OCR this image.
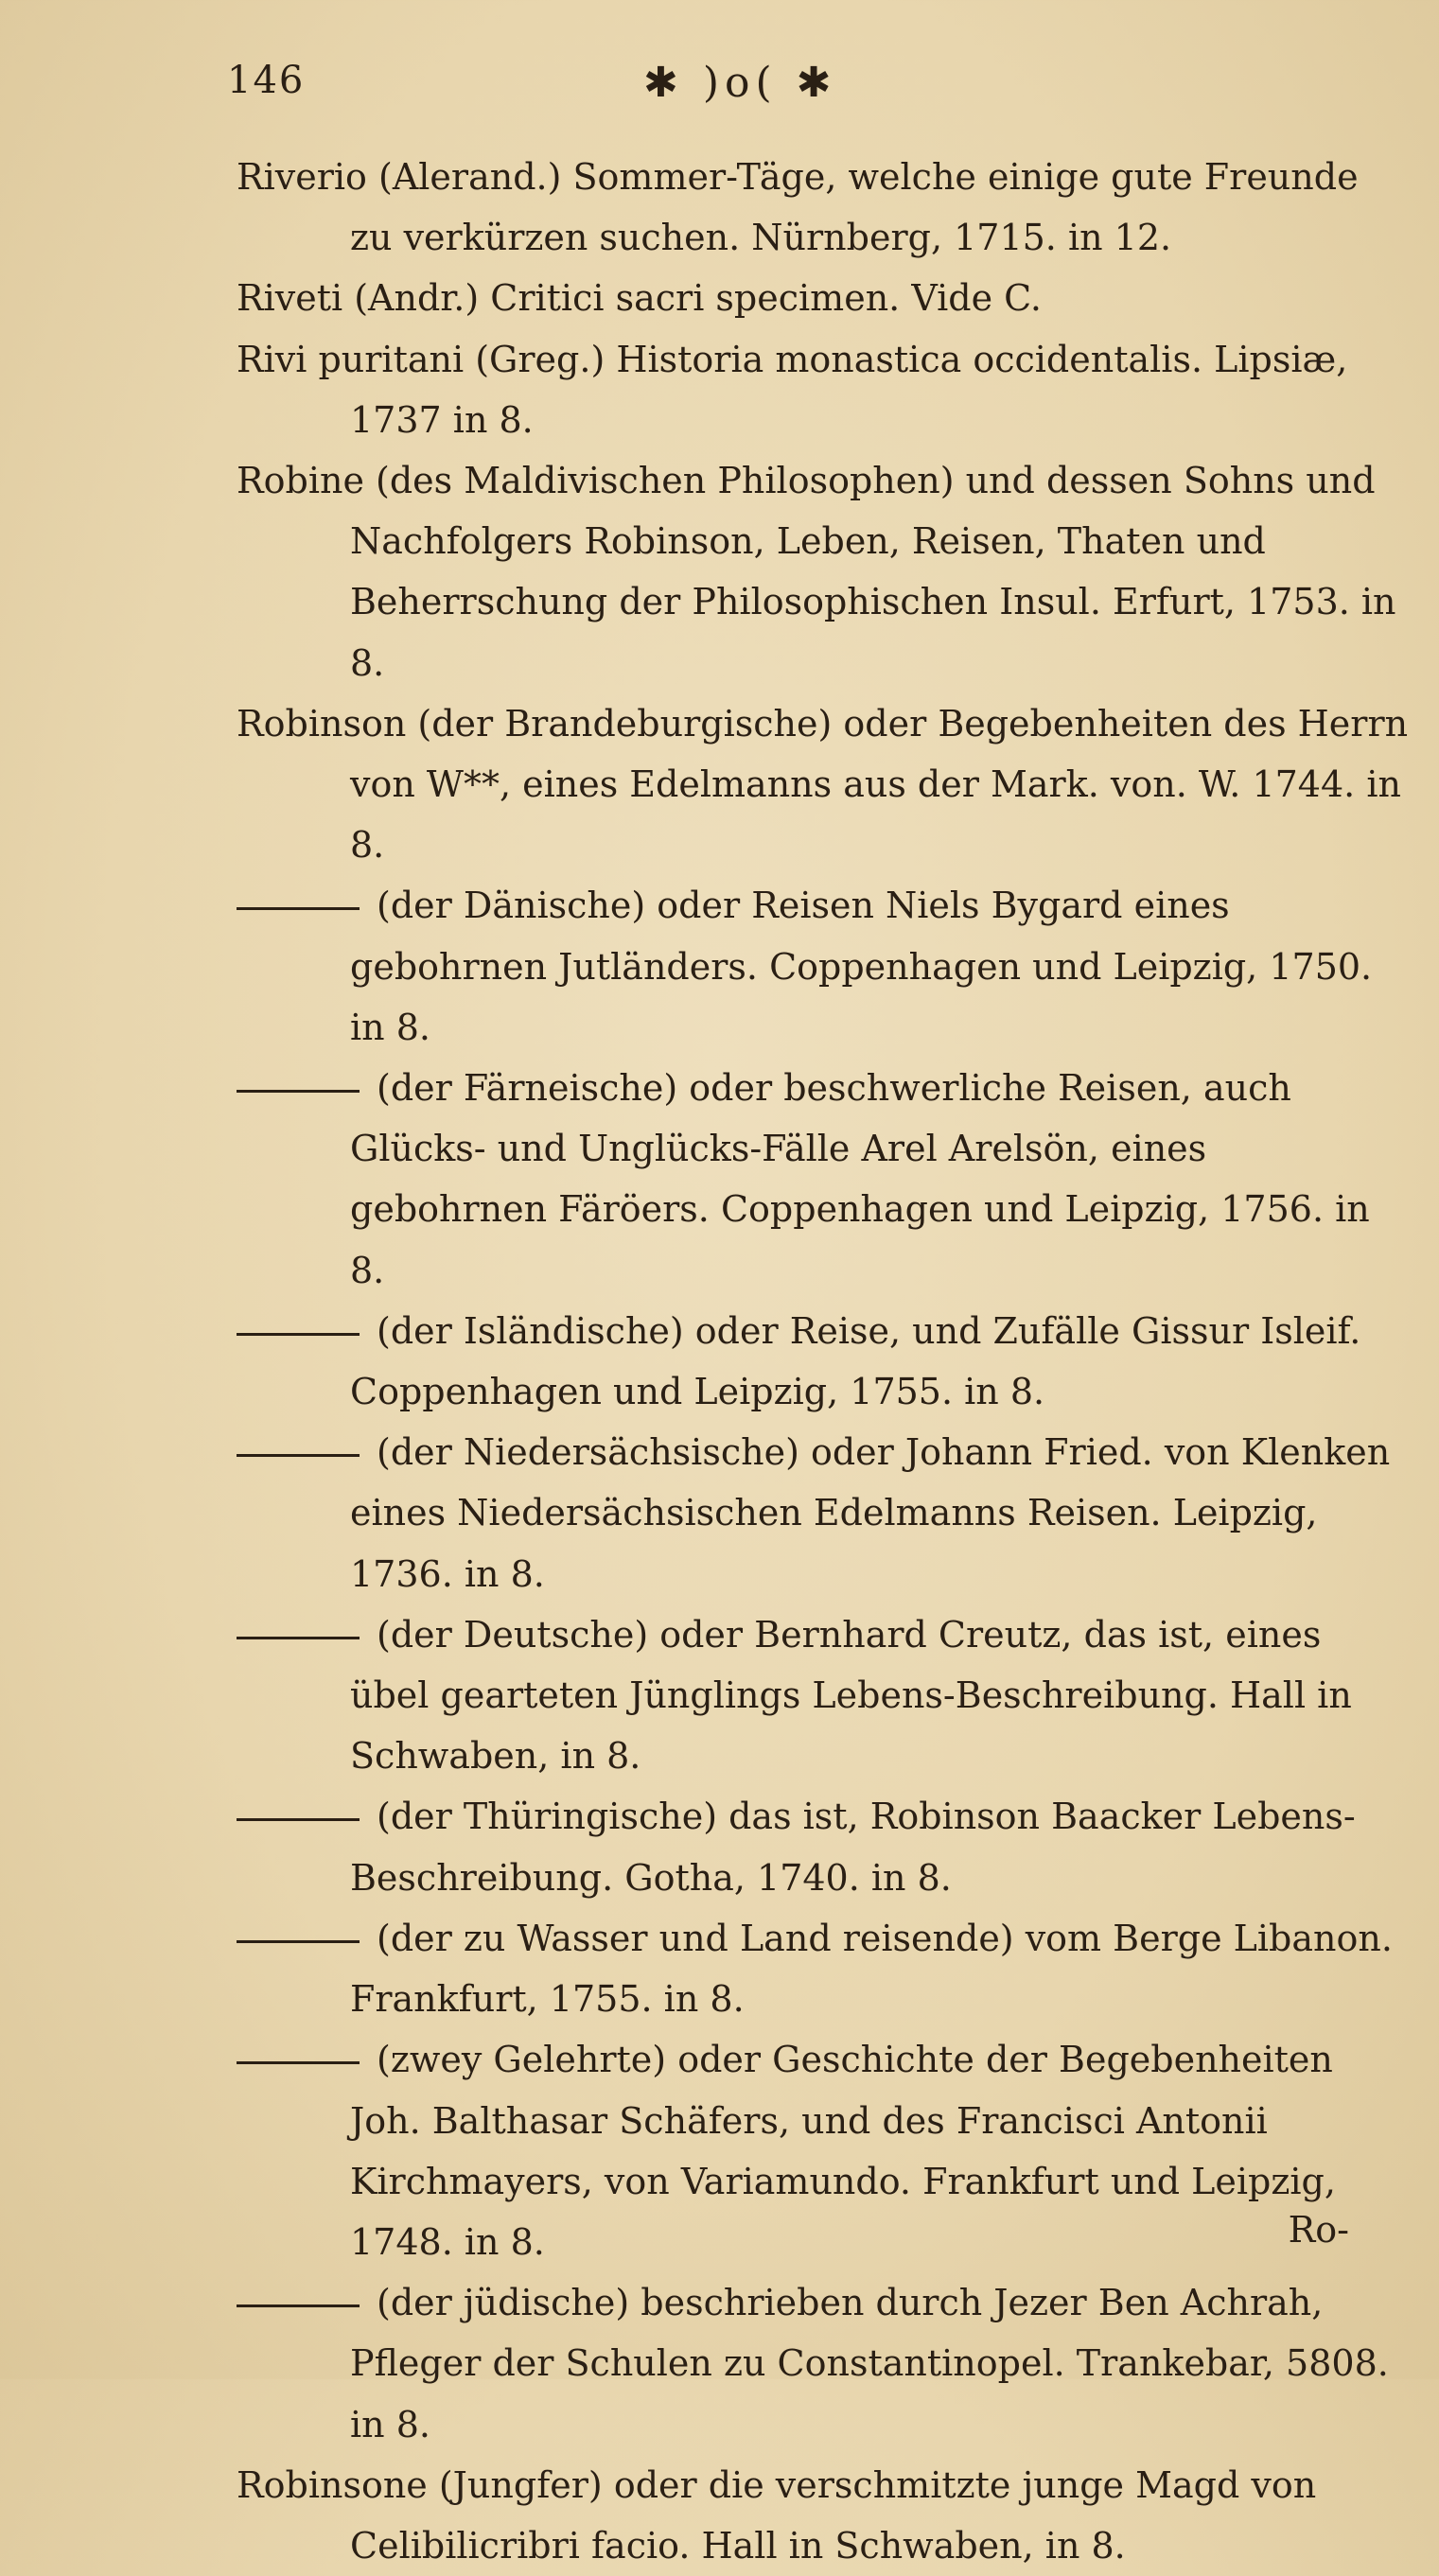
146	✱ )o( ✱
Riverio (Alerand.) Sommer-Täge, welche einige gute Freunde zu verkürzen suchen. Nürnberg, 1715. in 12.
Riveti (Andr.) Critici sacri specimen. Vide C.
Rivi puritani (Greg.) Historia monastica occidentalis. Lipsiæ, 1737 in 8.
Robine (des Maldivischen Philosophen) und dessen Sohns und Nachfolgers Robinson, Leben, Reisen, Thaten und Beherrschung der Philosophischen Insul. Erfurt, 1753. in 8.
Robinson (der Brandeburgische) oder Begebenheiten des Herrn von W**, eines Edelmanns aus der Mark. von. W. 1744. in 8.
(der Dänische) oder Reisen Niels Bygard eines gebohrnen Jutländers. Coppenhagen und Leipzig, 1750. in 8.
(der Färneische) oder beschwerliche Reisen, auch Glücks- und Unglücks-Fälle Arel Arelsön, eines gebohrnen Färöers. Coppenhagen und Leipzig, 1756. in 8.
(der Isländische) oder Reise, und Zufälle Gissur Isleif. Coppenhagen und Leipzig, 1755. in 8.
(der Niedersächsische) oder Johann Fried. von Klenken eines Niedersächsischen Edelmanns Reisen. Leipzig, 1736. in 8.
(der Deutsche) oder Bernhard Creutz, das ist, eines übel gearteten Jünglings Lebens-Beschreibung. Hall in Schwaben, in 8.
(der Thüringische) das ist, Robinson Baacker Lebens-Beschreibung. Gotha, 1740. in 8.
(der zu Wasser und Land reisende) vom Berge Libanon. Frankfurt, 1755. in 8.
(zwey Gelehrte) oder Geschichte der Begebenheiten Joh. Balthasar Schäfers, und des Francisci Antonii Kirchmayers, von Variamundo. Frankfurt und Leipzig, 1748. in 8.
(der jüdische) beschrieben durch Jezer Ben Achrah, Pfleger der Schulen zu Constantinopel. Trankebar, 5808. in 8.
Robinsone (Jungfer) oder die verschmitzte junge Magd von Celibilicribri facio. Hall in Schwaben, in 8.
Ro-
